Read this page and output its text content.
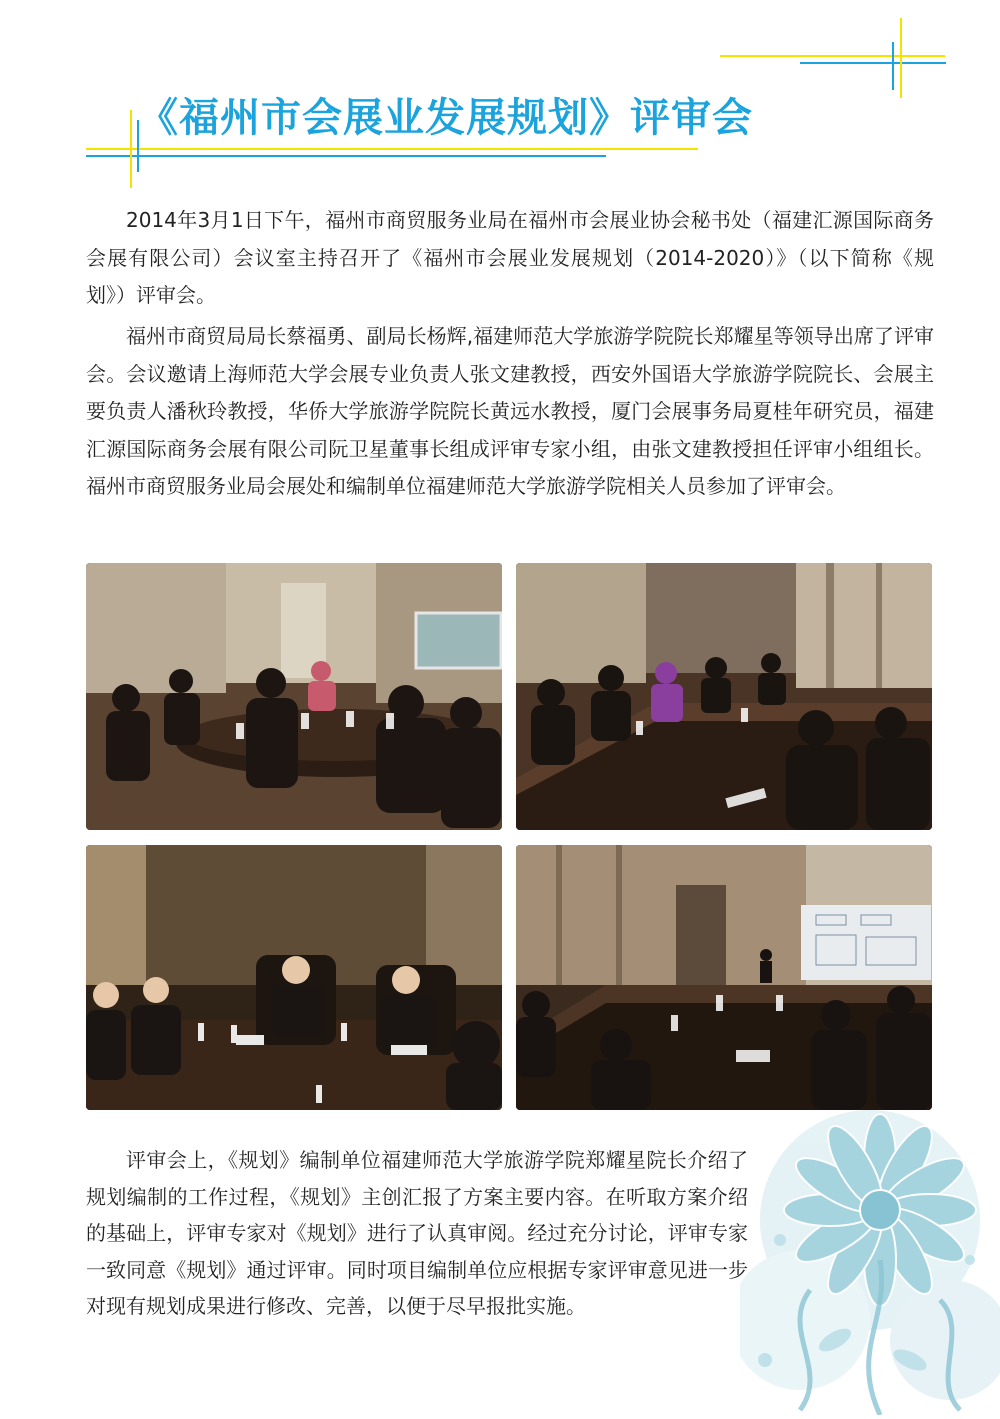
《福州市会展业发展规划》评审会

2014年3月1日下午，福州市商贸服务业局在福州市会展业协会秘书处（福建汇源国际商务会展有限公司）会议室主持召开了《福州市会展业发展规划（2014-2020）》（以下简称《规划》）评审会。

福州市商贸局局长蔡福勇、副局长杨辉,福建师范大学旅游学院院长郑耀星等领导出席了评审会。会议邀请上海师范大学会展专业负责人张文建教授，西安外国语大学旅游学院院长、会展主要负责人潘秋玲教授，华侨大学旅游学院院长黄远水教授，厦门会展事务局夏桂年研究员，福建汇源国际商务会展有限公司阮卫星董事长组成评审专家小组，由张文建教授担任评审小组组长。福州市商贸服务业局会展处和编制单位福建师范大学旅游学院相关人员参加了评审会。

评审会上，《规划》编制单位福建师范大学旅游学院郑耀星院长介绍了规划编制的工作过程，《规划》主创汇报了方案主要内容。在听取方案介绍的基础上，评审专家对《规划》进行了认真审阅。经过充分讨论，评审专家一致同意《规划》通过评审。同时项目编制单位应根据专家评审意见进一步对现有规划成果进行修改、完善，以便于尽早报批实施。
